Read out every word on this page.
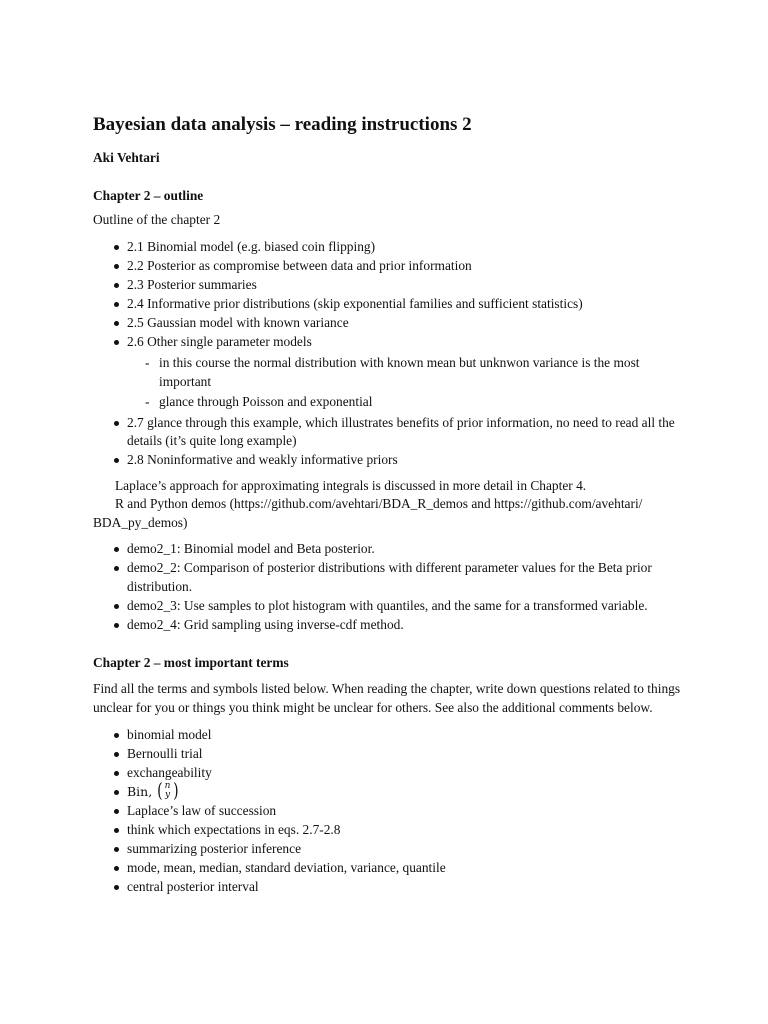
Bayesian data analysis – reading instructions 2
Aki Vehtari
Chapter 2 – outline

Outline of the chapter 2

2.1 Binomial model (e.g. biased coin flipping)
2.2 Posterior as compromise between data and prior information
2.3 Posterior summaries
2.4 Informative prior distributions (skip exponential families and sufficient statistics)
2.5 Gaussian model with known variance
2.6 Other single parameter models
- in this course the normal distribution with known mean but unknwon variance is the most important
- glance through Poisson and exponential
2.7 glance through this example, which illustrates benefits of prior information, no need to read all the details (it’s quite long example)
2.8 Noninformative and weakly informative priors

Laplace’s approach for approximating integrals is discussed in more detail in Chapter 4.

R and Python demos (https://github.com/avehtari/BDA_R_demos and https://github.com/avehtari/ BDA_py_demos)

demo2_1: Binomial model and Beta posterior.
demo2_2: Comparison of posterior distributions with different parameter values for the Beta prior distribution.
demo2_3: Use samples to plot histogram with quantiles, and the same for a transformed variable.
demo2_4: Grid sampling using inverse-cdf method.
Chapter 2 – most important terms

Find all the terms and symbols listed below. When reading the chapter, write down questions related to things unclear for you or things you think might be unclear for others. See also the additional comments below.

binomial model
Bernoulli trial
exchangeability
Bin, ( n
y )
Laplace’s law of succession
think which expectations in eqs. 2.7-2.8
summarizing posterior inference
mode, mean, median, standard deviation, variance, quantile
central posterior interval
